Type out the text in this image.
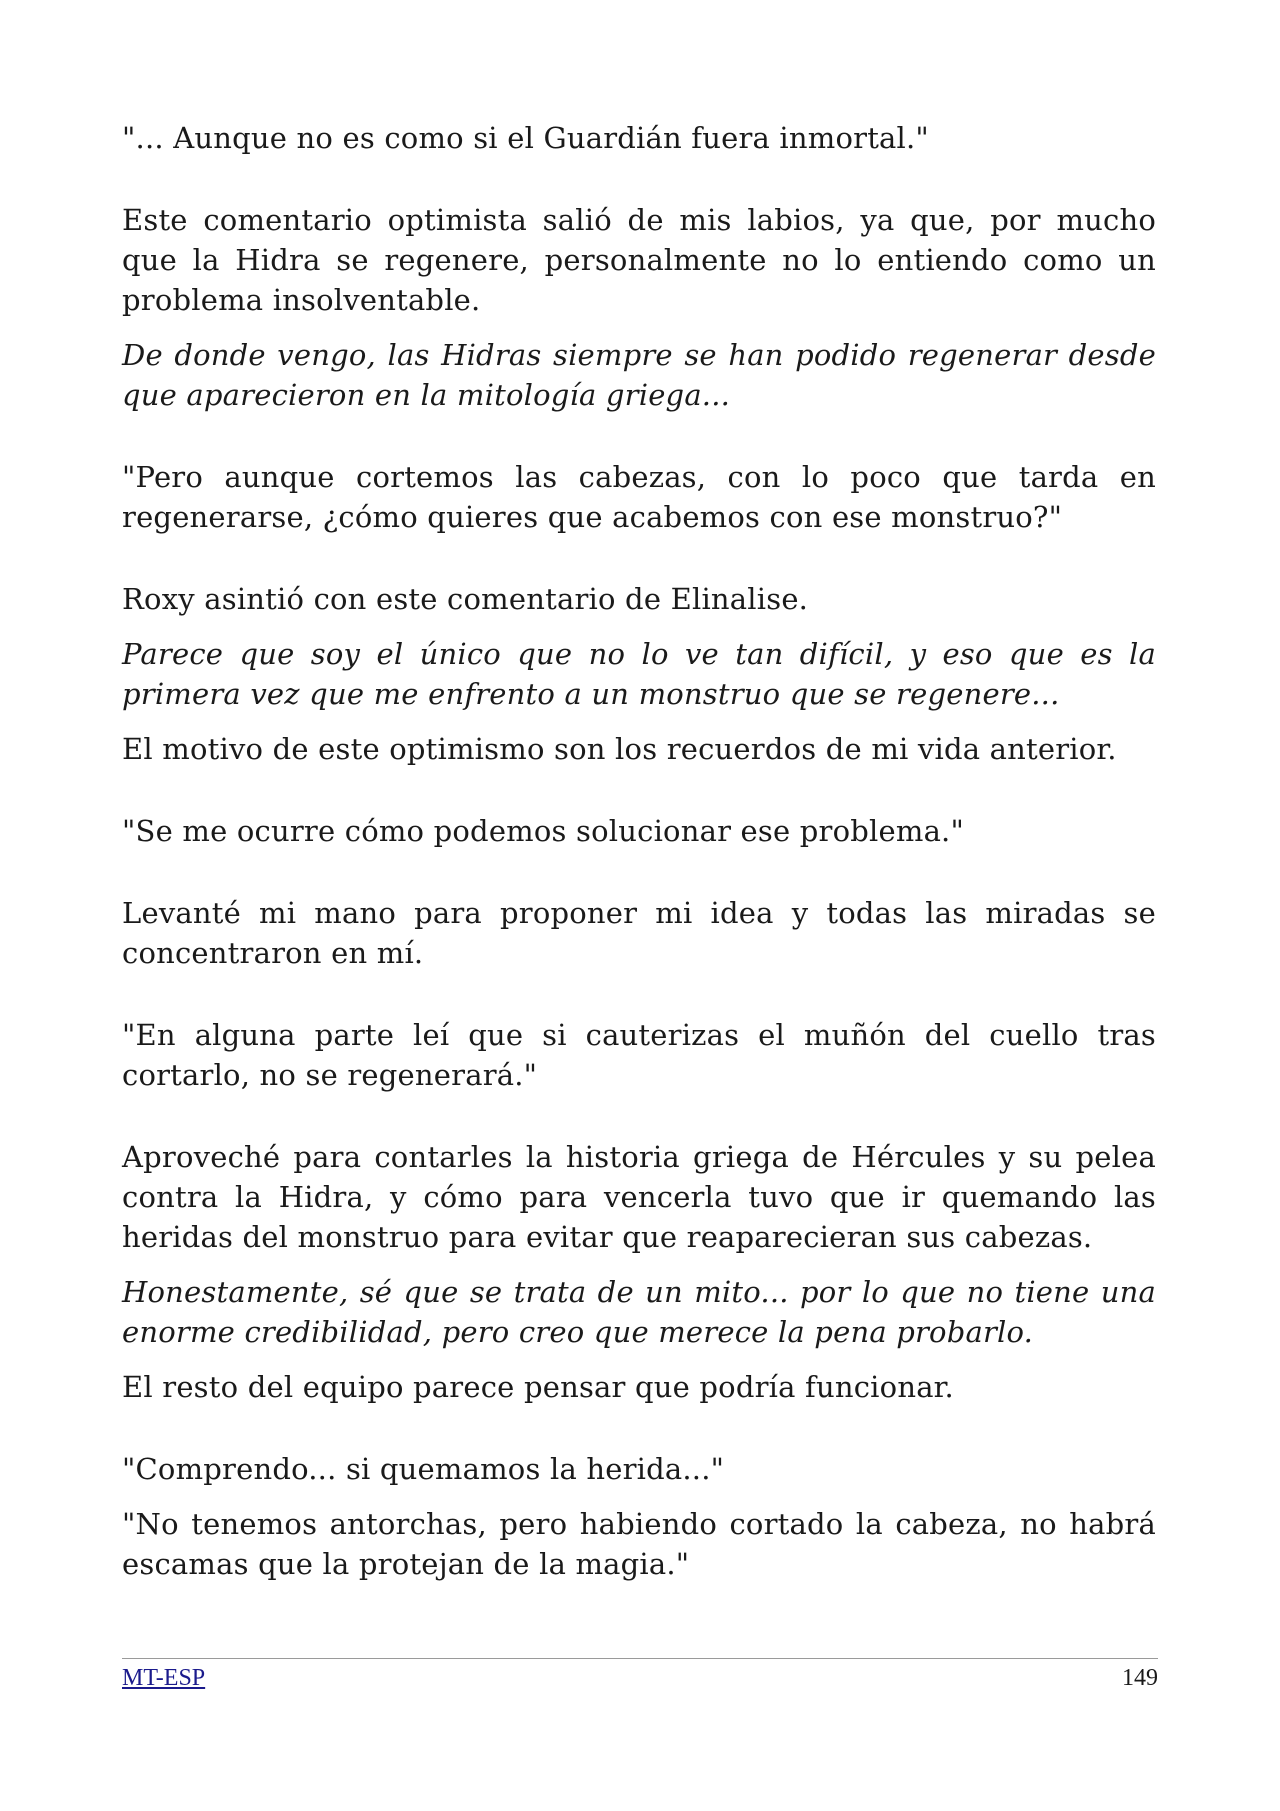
"... Aunque no es como si el Guardián fuera inmortal."

Este comentario optimista salió de mis labios, ya que, por mucho que la Hidra se regenere, personalmente no lo entiendo como un problema insolventable.

De donde vengo, las Hidras siempre se han podido regenerar desde que aparecieron en la mitología griega...

"Pero aunque cortemos las cabezas, con lo poco que tarda en regenerarse, ¿cómo quieres que acabemos con ese monstruo?"

Roxy asintió con este comentario de Elinalise.

Parece que soy el único que no lo ve tan difícil, y eso que es la primera vez que me enfrento a un monstruo que se regenere...

El motivo de este optimismo son los recuerdos de mi vida anterior.

"Se me ocurre cómo podemos solucionar ese problema."

Levanté mi mano para proponer mi idea y todas las miradas se concentraron en mí.

"En alguna parte leí que si cauterizas el muñón del cuello tras cortarlo, no se regenerará."

Aproveché para contarles la historia griega de Hércules y su pelea contra la Hidra, y cómo para vencerla tuvo que ir quemando las heridas del monstruo para evitar que reaparecieran sus cabezas.

Honestamente, sé que se trata de un mito... por lo que no tiene una enorme credibilidad, pero creo que merece la pena probarlo.

El resto del equipo parece pensar que podría funcionar.

"Comprendo... si quemamos la herida..."

"No tenemos antorchas, pero habiendo cortado la cabeza, no habrá escamas que la protejan de la magia."

MT-ESP	149
